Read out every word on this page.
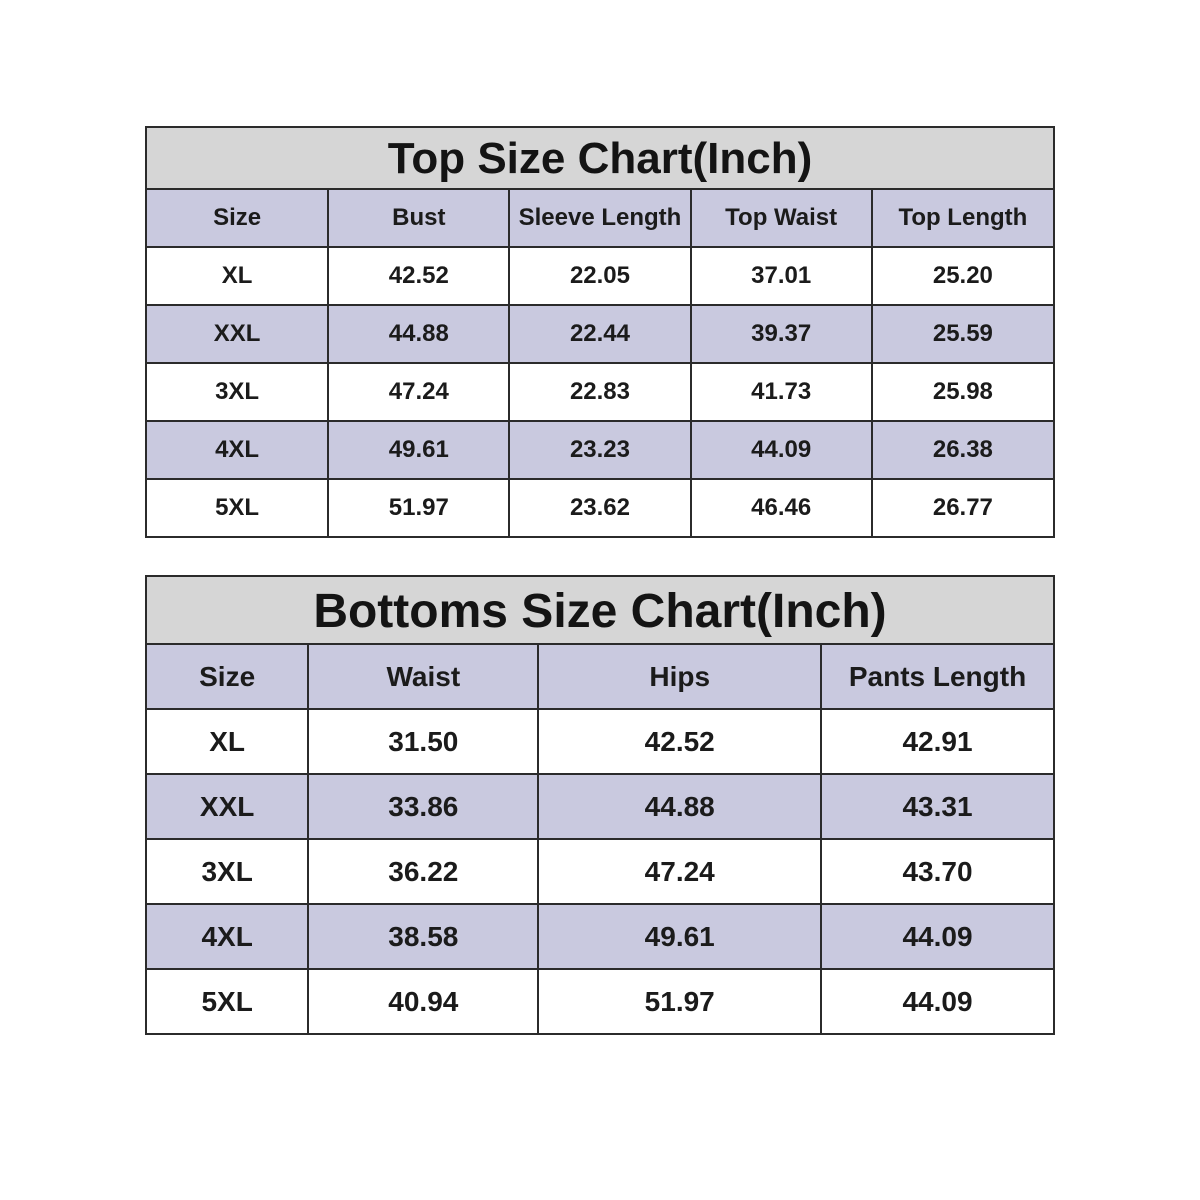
Top Size Chart(Inch)
Size	Bust	Sleeve Length	Top Waist	Top Length
XL	42.52	22.05	37.01	25.20
XXL	44.88	22.44	39.37	25.59
3XL	47.24	22.83	41.73	25.98
4XL	49.61	23.23	44.09	26.38
5XL	51.97	23.62	46.46	26.77
Bottoms Size Chart(Inch)
Size	Waist	Hips	Pants Length
XL	31.50	42.52	42.91
XXL	33.86	44.88	43.31
3XL	36.22	47.24	43.70
4XL	38.58	49.61	44.09
5XL	40.94	51.97	44.09
